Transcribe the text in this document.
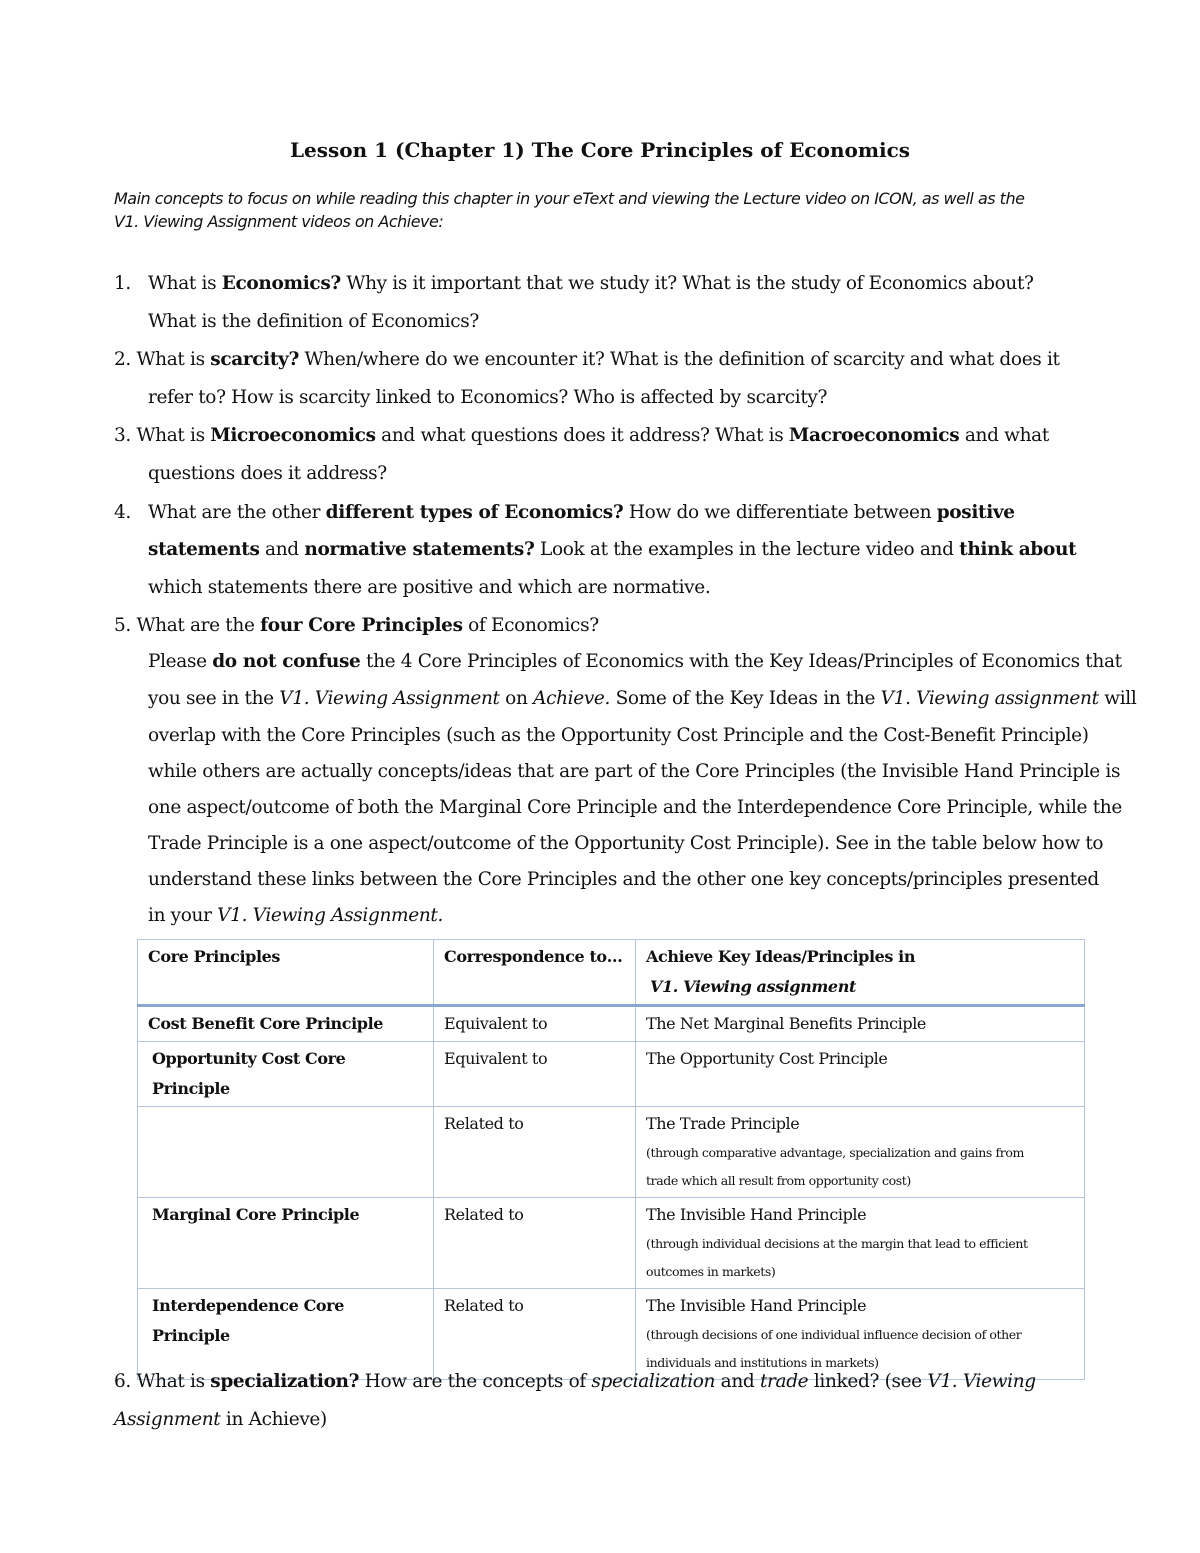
Lesson 1 (Chapter 1) The Core Principles of Economics
Main concepts to focus on while reading this chapter in your eText and viewing the Lecture video on ICON, as well as the
V1. Viewing Assignment videos on Achieve:
1. What is Economics? Why is it important that we study it? What is the study of Economics about?
What is the definition of Economics?
2. What is scarcity? When/where do we encounter it? What is the definition of scarcity and what does it
refer to? How is scarcity linked to Economics? Who is affected by scarcity?
3. What is Microeconomics and what questions does it address? What is Macroeconomics and what
questions does it address?
4. What are the other different types of Economics? How do we differentiate between positive
statements and normative statements? Look at the examples in the lecture video and think about
which statements there are positive and which are normative.
5. What are the four Core Principles of Economics?
Please do not confuse the 4 Core Principles of Economics with the Key Ideas/Principles of Economics that
you see in the V1. Viewing Assignment on Achieve. Some of the Key Ideas in the V1. Viewing assignment will
overlap with the Core Principles (such as the Opportunity Cost Principle and the Cost-Benefit Principle)
while others are actually concepts/ideas that are part of the Core Principles (the Invisible Hand Principle is
one aspect/outcome of both the Marginal Core Principle and the Interdependence Core Principle, while the
Trade Principle is a one aspect/outcome of the Opportunity Cost Principle). See in the table below how to
understand these links between the Core Principles and the other one key concepts/principles presented
in your V1. Viewing Assignment.
Core Principles	Correspondence to…	Achieve Key Ideas/Principles in
V1. Viewing assignment

Cost Benefit Core Principle	Equivalent to	The Net Marginal Benefits Principle
Opportunity Cost Core Principle	Equivalent to	The Opportunity Cost Principle
	Related to	The Trade Principle
(through comparative advantage, specialization and gains from
trade which all result from opportunity cost)

Marginal Core Principle	Related to	The Invisible Hand Principle
(through individual decisions at the margin that lead to efficient
outcomes in markets)

Interdependence Core Principle	Related to	The Invisible Hand Principle
(through decisions of one individual influence decision of other
individuals and institutions in markets)
6. What is specialization? How are the concepts of specialization and trade linked? (see V1. Viewing
Assignment in Achieve)
